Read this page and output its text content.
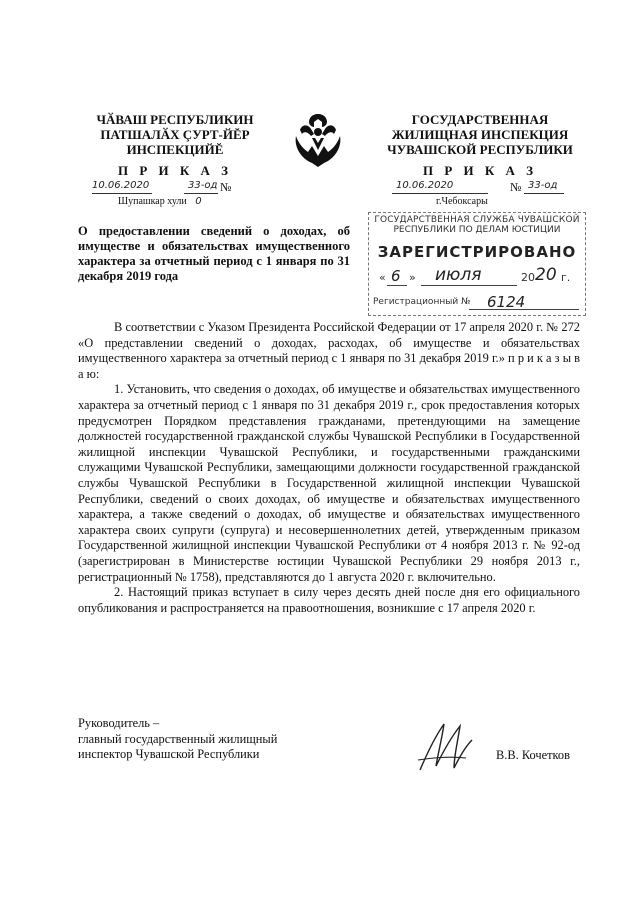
ЧӐВАШ РЕСПУБЛИКИН
ПАТШАЛӐХ ÇУРТ-ЙĔР
ИНСПЕКЦИЙĔ
П Р И К А З
10.06.2020	33-од №
Шупашкар хули 0
ГОСУДАРСТВЕННАЯ
ЖИЛИЩНАЯ ИНСПЕКЦИЯ
ЧУВАШСКОЙ РЕСПУБЛИКИ
П Р И К А З
10.06.2020	№ 33-од
г.Чебоксары
О предоставлении сведений о доходах, об имуществе и обязательствах имущественного характера за отчетный период с 1 января по 31 декабря 2019 года
ГОСУДАРСТВЕННАЯ СЛУЖБА ЧУВАШСКОЙ
РЕСПУБЛИКИ ПО ДЕЛАМ ЮСТИЦИИ
ЗАРЕГИСТРИРОВАНО
« 6 » июля	20 20 г.
Регистрационный № 6124

В соответствии с Указом Президента Российской Федерации от 17 апреля 2020 г. № 272 «О представлении сведений о доходах, расходах, об имуществе и обязательствах имущественного характера за отчетный период с 1 января по 31 декабря 2019 г.» п р и к а з ы в а ю:

1. Установить, что сведения о доходах, об имуществе и обязательствах имущественного характера за отчетный период с 1 января по 31 декабря 2019 г., срок предоставления которых предусмотрен Порядком представления гражданами, претендующими на замещение должностей государственной гражданской службы Чувашской Республики в Государственной жилищной инспекции Чувашской Республики, и государственными гражданскими служащими Чувашской Республики, замещающими должности государственной гражданской службы Чувашской Республики в Государственной жилищной инспекции Чувашской Республики, сведений о своих доходах, об имуществе и обязательствах имущественного характера, а также сведений о доходах, об имуществе и обязательствах имущественного характера своих супруги (супруга) и несовершеннолетних детей, утвержденным приказом Государственной жилищной инспекции Чувашской Республики от 4 ноября 2013 г. № 92-од (зарегистрирован в Министерстве юстиции Чувашской Республики 29 ноября 2013 г., регистрационный № 1758), представляются до 1 августа 2020 г. включительно.

2. Настоящий приказ вступает в силу через десять дней после дня его официального опубликования и распространяется на правоотношения, возникшие с 17 апреля 2020 г.

Руководитель –
главный государственный жилищный
инспектор Чувашской Республики	В.В. Кочетков
